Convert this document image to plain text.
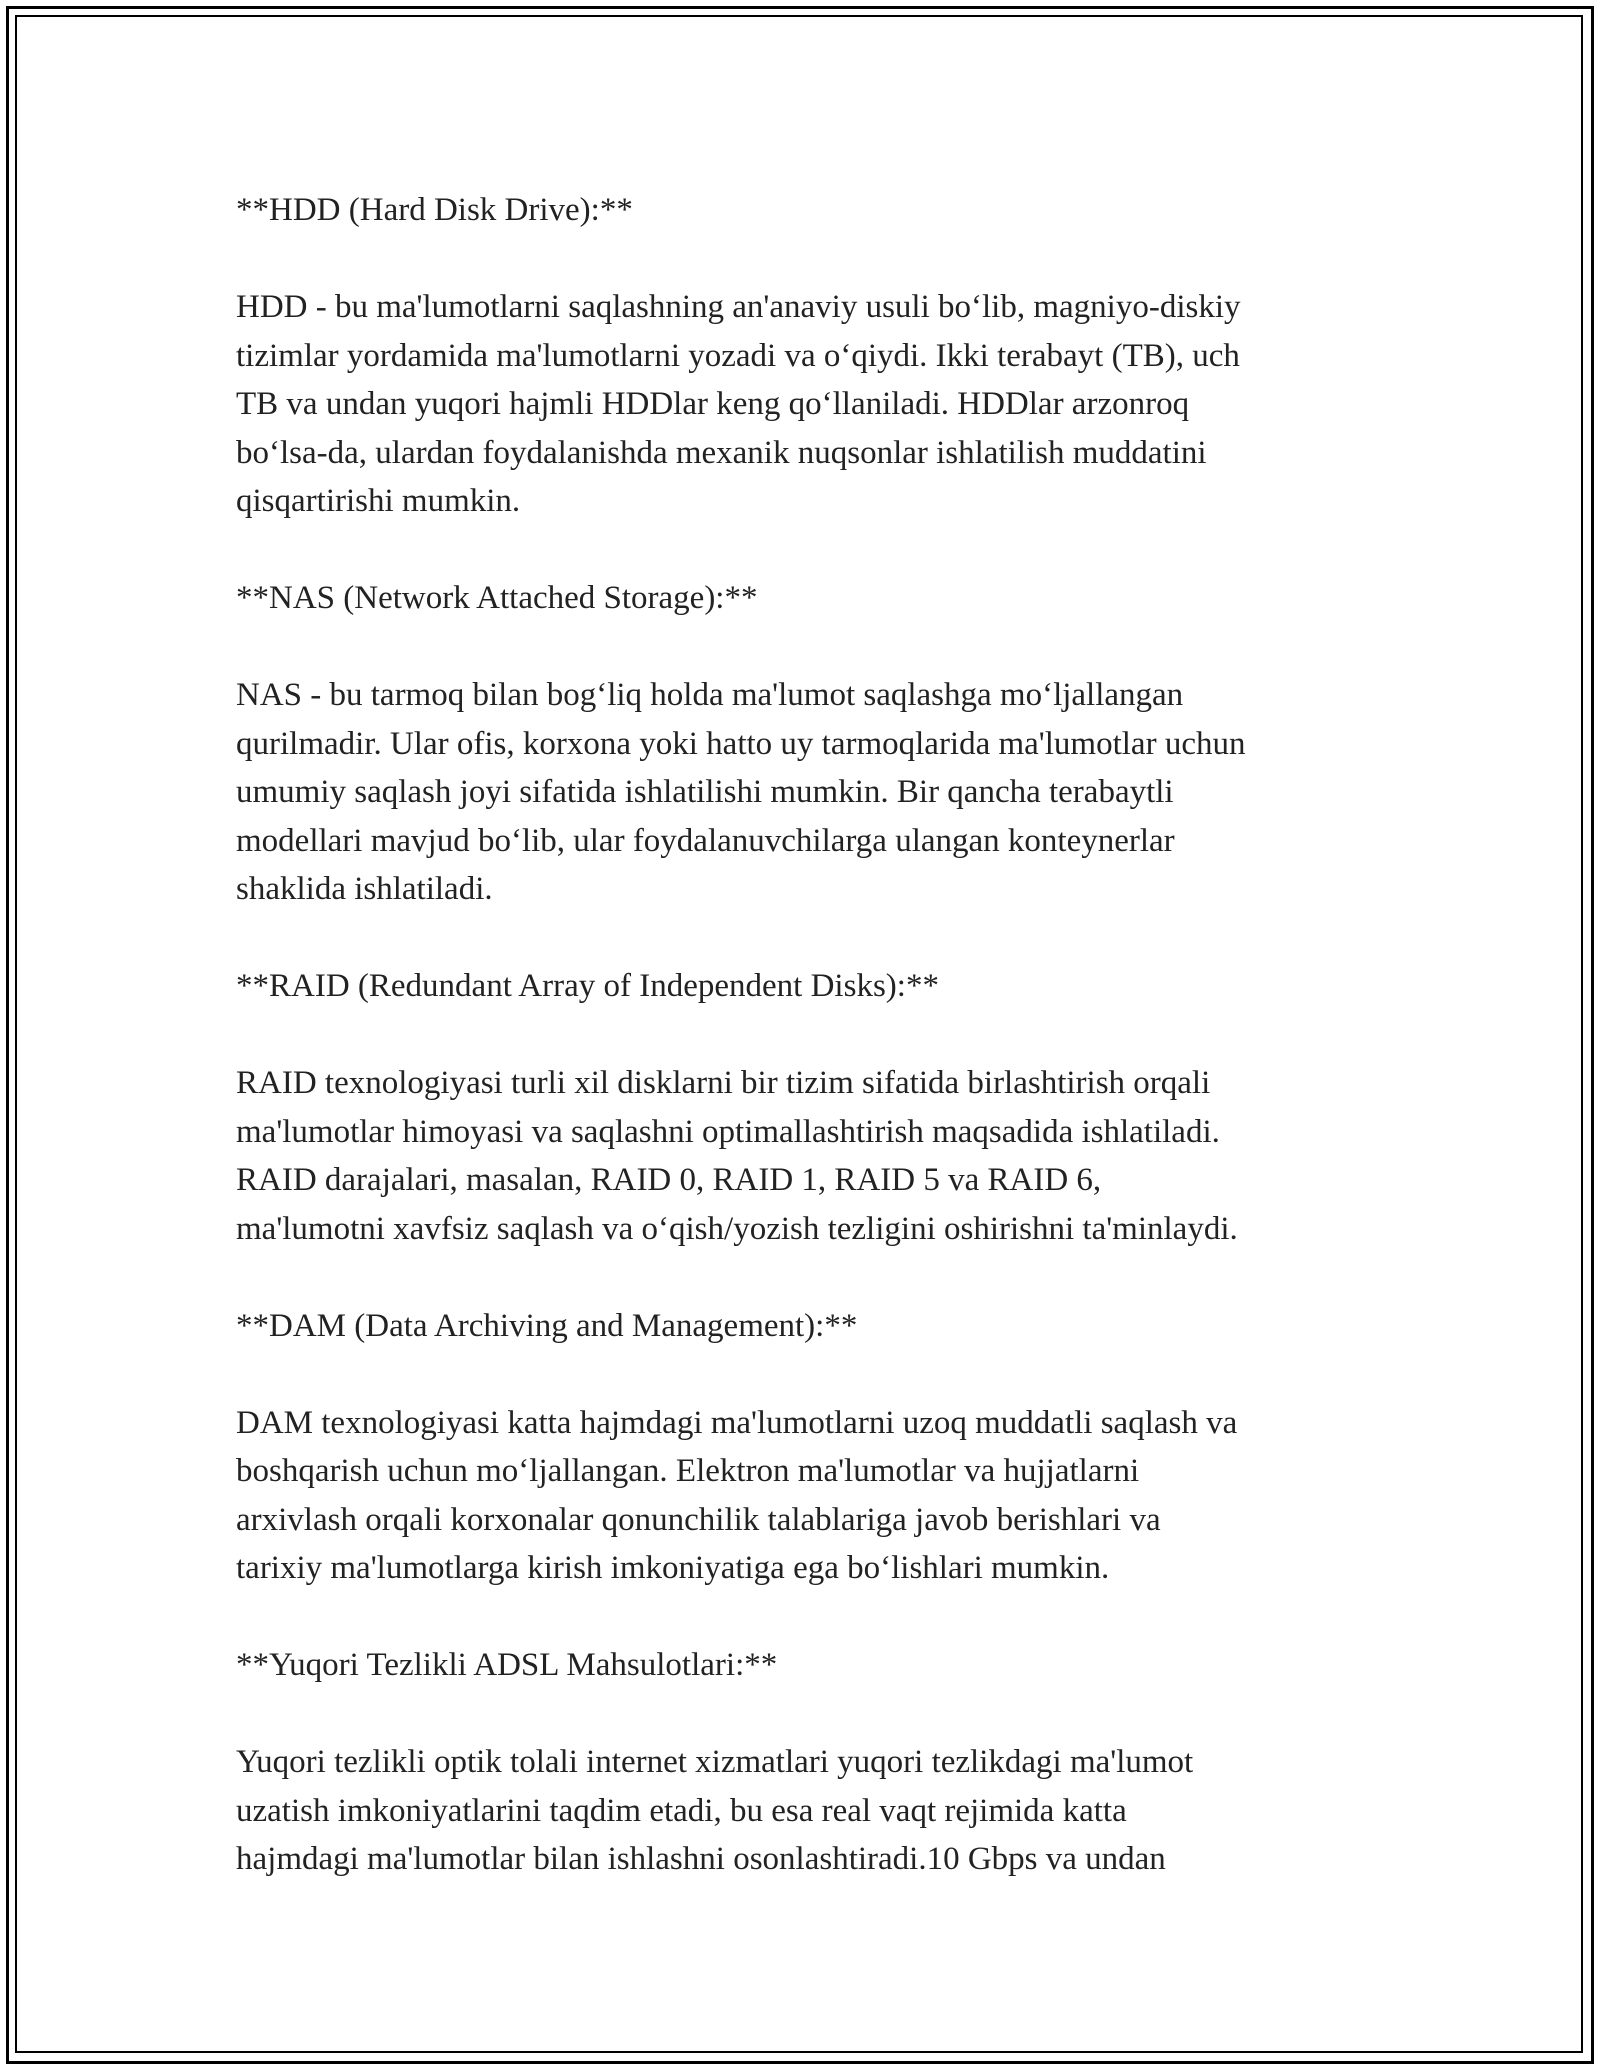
**HDD (Hard Disk Drive):**

HDD - bu ma'lumotlarni saqlashning an'anaviy usuli bo‘lib, magniyo-diskiy
tizimlar yordamida ma'lumotlarni yozadi va o‘qiydi. Ikki terabayt (TB), uch
TB va undan yuqori hajmli HDDlar keng qo‘llaniladi. HDDlar arzonroq
bo‘lsa-da, ulardan foydalanishda mexanik nuqsonlar ishlatilish muddatini
qisqartirishi mumkin.

**NAS (Network Attached Storage):**

NAS - bu tarmoq bilan bog‘liq holda ma'lumot saqlashga mo‘ljallangan
qurilmadir. Ular ofis, korxona yoki hatto uy tarmoqlarida ma'lumotlar uchun
umumiy saqlash joyi sifatida ishlatilishi mumkin. Bir qancha terabaytli
modellari mavjud bo‘lib, ular foydalanuvchilarga ulangan konteynerlar
shaklida ishlatiladi.

**RAID (Redundant Array of Independent Disks):**

RAID texnologiyasi turli xil disklarni bir tizim sifatida birlashtirish orqali
ma'lumotlar himoyasi va saqlashni optimallashtirish maqsadida ishlatiladi.
RAID darajalari, masalan, RAID 0, RAID 1, RAID 5 va RAID 6,
ma'lumotni xavfsiz saqlash va o‘qish/yozish tezligini oshirishni ta'minlaydi.

**DAM (Data Archiving and Management):**

DAM texnologiyasi katta hajmdagi ma'lumotlarni uzoq muddatli saqlash va
boshqarish uchun mo‘ljallangan. Elektron ma'lumotlar va hujjatlarni
arxivlash orqali korxonalar qonunchilik talablariga javob berishlari va
tarixiy ma'lumotlarga kirish imkoniyatiga ega bo‘lishlari mumkin.

**Yuqori Tezlikli ADSL Mahsulotlari:**

Yuqori tezlikli optik tolali internet xizmatlari yuqori tezlikdagi ma'lumot
uzatish imkoniyatlarini taqdim etadi, bu esa real vaqt rejimida katta
hajmdagi ma'lumotlar bilan ishlashni osonlashtiradi.10 Gbps va undan
